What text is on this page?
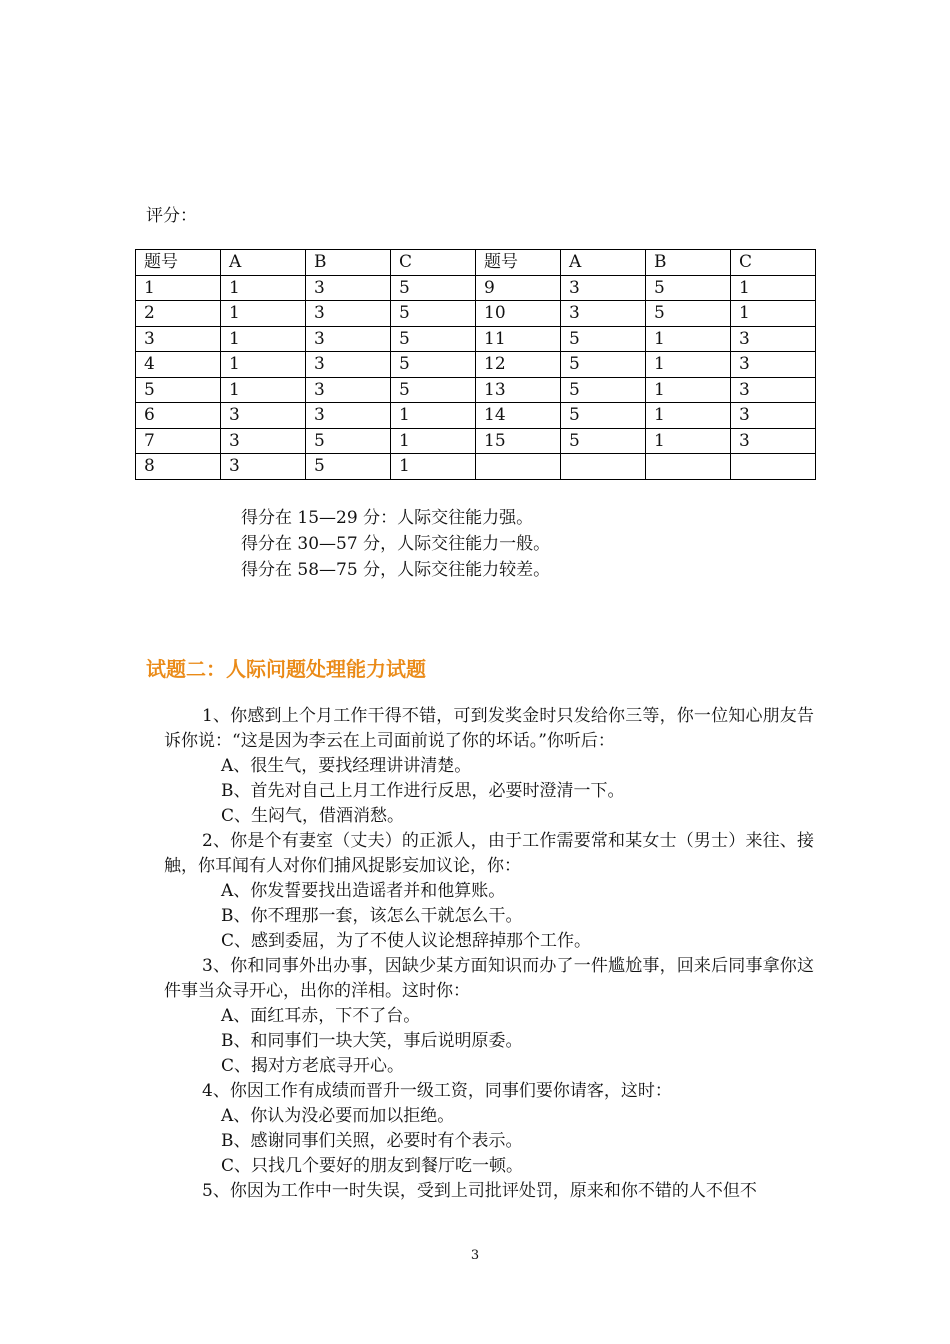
评分：
题号	A	B	C	题号	A	B	C
1	1	3	5	9	3	5	1
2	1	3	5	10	3	5	1
3	1	3	5	11	5	1	3
4	1	3	5	12	5	1	3
5	1	3	5	13	5	1	3
6	3	3	1	14	5	1	3
7	3	5	1	15	5	1	3
8	3	5	1				
得分在 15—29 分：人际交往能力强。
得分在 30—57 分，人际交往能力一般。
得分在 58—75 分，人际交往能力较差。
试题二：人际问题处理能力试题
1、你感到上个月工作干得不错，可到发奖金时只发给你三等，你一位知心朋友告诉你说：“这是因为李云在上司面前说了你的坏话。”你听后：
A、很生气，要找经理讲讲清楚。
B、首先对自己上月工作进行反思，必要时澄清一下。
C、生闷气，借酒消愁。
2、你是个有妻室（丈夫）的正派人，由于工作需要常和某女士（男士）来往、接触，你耳闻有人对你们捕风捉影妄加议论，你：
A、你发誓要找出造谣者并和他算账。
B、你不理那一套，该怎么干就怎么干。
C、感到委屈，为了不使人议论想辞掉那个工作。
3、你和同事外出办事，因缺少某方面知识而办了一件尴尬事，回来后同事拿你这件事当众寻开心，出你的洋相。这时你：
A、面红耳赤，下不了台。
B、和同事们一块大笑，事后说明原委。
C、揭对方老底寻开心。
4、你因工作有成绩而晋升一级工资，同事们要你请客，这时：
A、你认为没必要而加以拒绝。
B、感谢同事们关照，必要时有个表示。
C、只找几个要好的朋友到餐厅吃一顿。
5、你因为工作中一时失误，受到上司批评处罚，原来和你不错的人不但不
3
